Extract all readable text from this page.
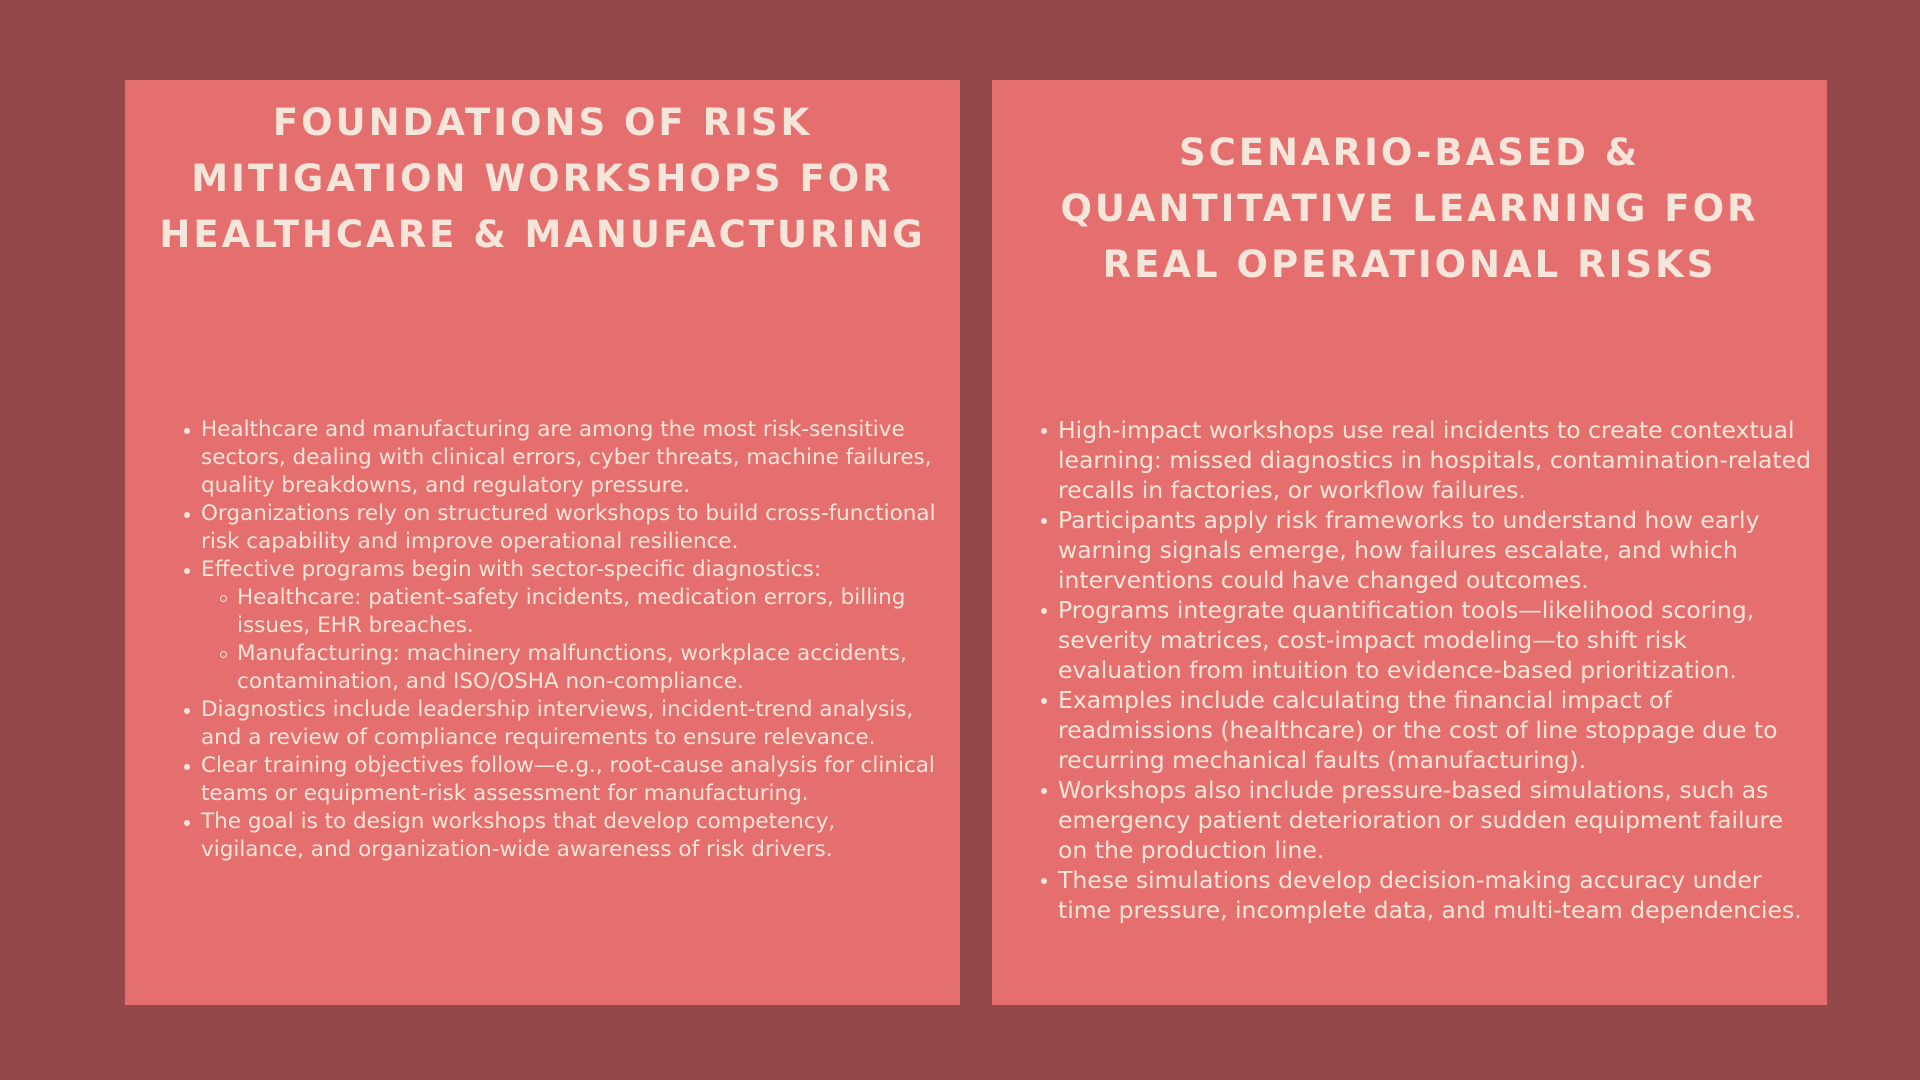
FOUNDATIONS OF RISK MITIGATION WORKSHOPS FOR HEALTHCARE & MANUFACTURING
Healthcare and manufacturing are among the most risk-sensitive sectors, dealing with clinical errors, cyber threats, machine failures, quality breakdowns, and regulatory pressure.
Organizations rely on structured workshops to build cross-functional risk capability and improve operational resilience.
Effective programs begin with sector-specific diagnostics:
Healthcare: patient-safety incidents, medication errors, billing issues, EHR breaches.
Manufacturing: machinery malfunctions, workplace accidents, contamination, and ISO/OSHA non-compliance.
Diagnostics include leadership interviews, incident-trend analysis, and a review of compliance requirements to ensure relevance.
Clear training objectives follow—e.g., root-cause analysis for clinical teams or equipment-risk assessment for manufacturing.
The goal is to design workshops that develop competency, vigilance, and organization-wide awareness of risk drivers.
SCENARIO-BASED & QUANTITATIVE LEARNING FOR REAL OPERATIONAL RISKS
High-impact workshops use real incidents to create contextual learning: missed diagnostics in hospitals, contamination-related recalls in factories, or workflow failures.
Participants apply risk frameworks to understand how early warning signals emerge, how failures escalate, and which interventions could have changed outcomes.
Programs integrate quantification tools—likelihood scoring, severity matrices, cost-impact modeling—to shift risk evaluation from intuition to evidence-based prioritization.
Examples include calculating the financial impact of readmissions (healthcare) or the cost of line stoppage due to recurring mechanical faults (manufacturing).
Workshops also include pressure-based simulations, such as emergency patient deterioration or sudden equipment failure on the production line.
These simulations develop decision-making accuracy under time pressure, incomplete data, and multi-team dependencies.
